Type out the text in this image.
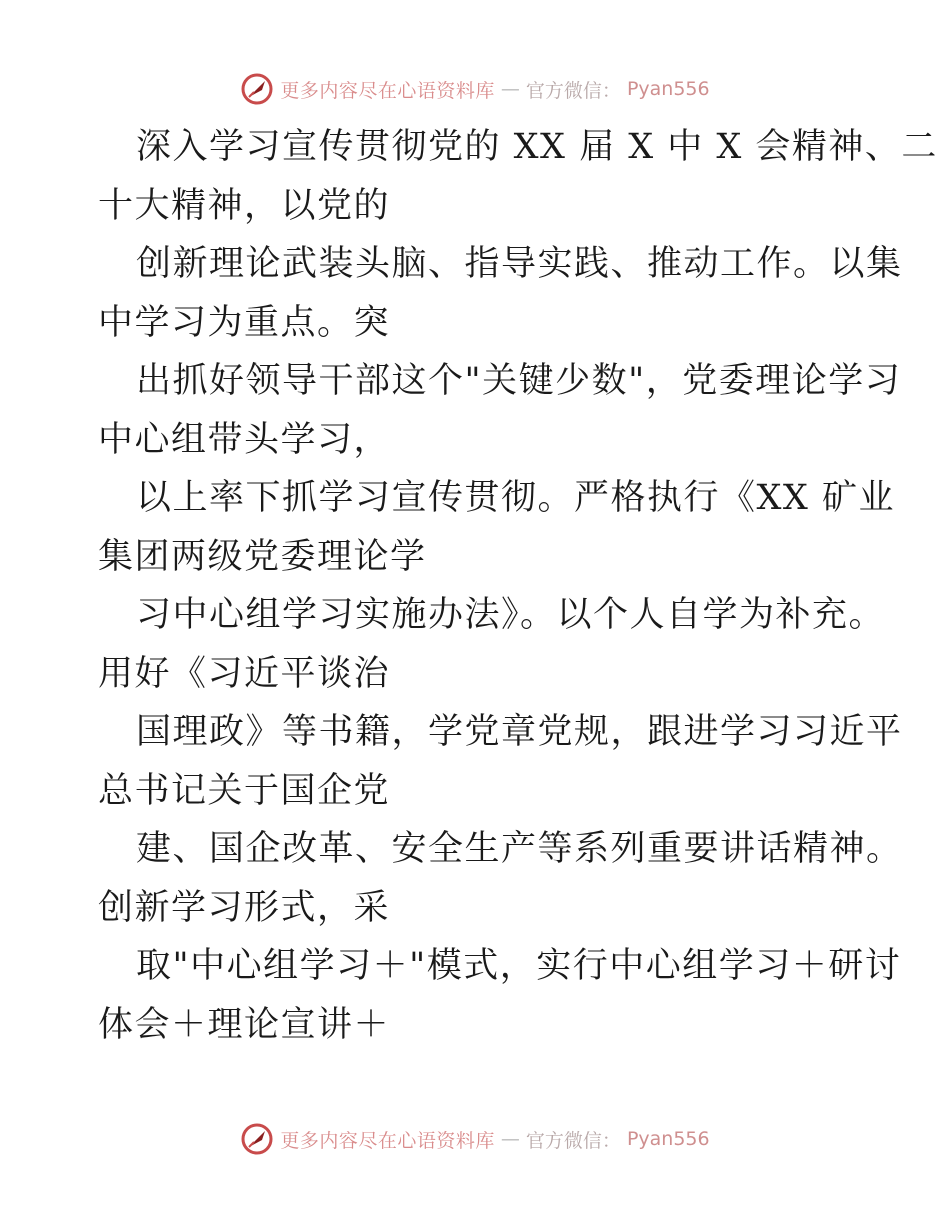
更多内容尽在心语资料库 — 官方微信： Pyan556
深入学习宣传贯彻党的 XX 届 X 中 X 会精神、二
十大精神，以党的
创新理论武装头脑、指导实践、推动工作。以集
中学习为重点。突
出抓好领导干部这个"关键少数"，党委理论学习
中心组带头学习，
以上率下抓学习宣传贯彻。严格执行《XX 矿业
集团两级党委理论学
习中心组学习实施办法》。以个人自学为补充。
用好《习近平谈治
国理政》等书籍，学党章党规，跟进学习习近平
总书记关于国企党
建、国企改革、安全生产等系列重要讲话精神。
创新学习形式，采
取"中心组学习＋"模式，实行中心组学习＋研讨
体会＋理论宣讲＋
更多内容尽在心语资料库 — 官方微信： Pyan556
